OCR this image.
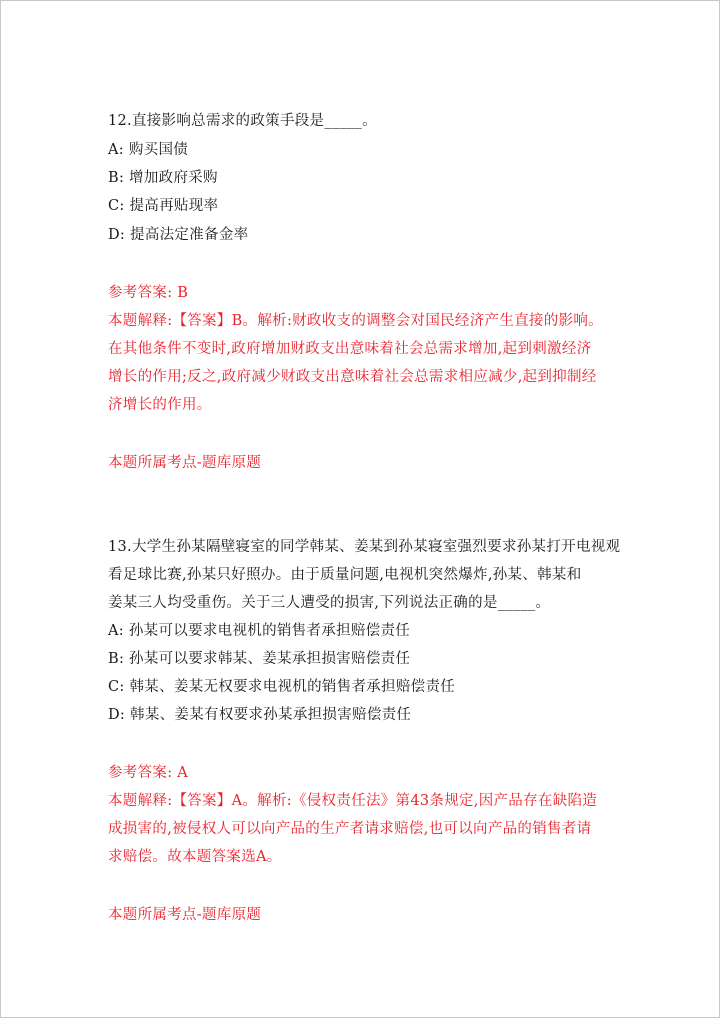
12.直接影响总需求的政策手段是_____。
A: 购买国债
B: 增加政府采购
C: 提高再贴现率
D: 提高法定准备金率
参考答案: B
本题解释:【答案】B。解析:财政收支的调整会对国民经济产生直接的影响。
在其他条件不变时,政府增加财政支出意味着社会总需求增加,起到刺激经济
增长的作用;反之,政府减少财政支出意味着社会总需求相应减少,起到抑制经
济增长的作用。
本题所属考点-题库原题
13.大学生孙某隔壁寝室的同学韩某、姜某到孙某寝室强烈要求孙某打开电视观
看足球比赛,孙某只好照办。由于质量问题,电视机突然爆炸,孙某、韩某和
姜某三人均受重伤。关于三人遭受的损害,下列说法正确的是_____。
A: 孙某可以要求电视机的销售者承担赔偿责任
B: 孙某可以要求韩某、姜某承担损害赔偿责任
C: 韩某、姜某无权要求电视机的销售者承担赔偿责任
D: 韩某、姜某有权要求孙某承担损害赔偿责任
参考答案: A
本题解释:【答案】A。解析:《侵权责任法》第43条规定,因产品存在缺陷造
成损害的,被侵权人可以向产品的生产者请求赔偿,也可以向产品的销售者请
求赔偿。故本题答案选A。
本题所属考点-题库原题
